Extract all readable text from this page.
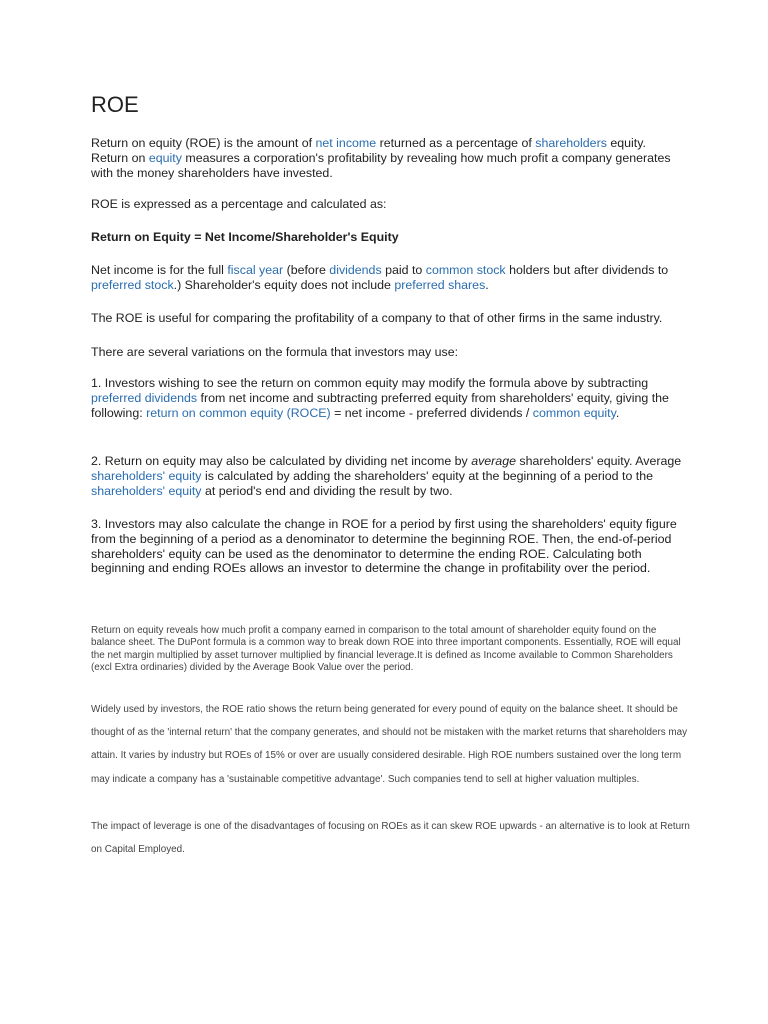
ROE

Return on equity (ROE) is the amount of net income returned as a percentage of shareholders equity.
Return on equity measures a corporation's profitability by revealing how much profit a company generates with the money shareholders have invested.

ROE is expressed as a percentage and calculated as:

Return on Equity = Net Income/Shareholder's Equity

Net income is for the full fiscal year (before dividends paid to common stock holders but after dividends to preferred stock.) Shareholder's equity does not include preferred shares.

The ROE is useful for comparing the profitability of a company to that of other firms in the same industry.

There are several variations on the formula that investors may use:

1. Investors wishing to see the return on common equity may modify the formula above by subtracting preferred dividends from net income and subtracting preferred equity from shareholders' equity, giving the following: return on common equity (ROCE) = net income - preferred dividends / common equity.

2. Return on equity may also be calculated by dividing net income by average shareholders' equity. Average shareholders' equity is calculated by adding the shareholders' equity at the beginning of a period to the shareholders' equity at period's end and dividing the result by two.

3. Investors may also calculate the change in ROE for a period by first using the shareholders' equity figure from the beginning of a period as a denominator to determine the beginning ROE. Then, the end-of-period shareholders' equity can be used as the denominator to determine the ending ROE. Calculating both beginning and ending ROEs allows an investor to determine the change in profitability over the period.

Return on equity reveals how much profit a company earned in comparison to the total amount of shareholder equity found on the balance sheet. The DuPont formula is a common way to break down ROE into three important components. Essentially, ROE will equal the net margin multiplied by asset turnover multiplied by financial leverage.It is defined as Income available to Common Shareholders (excl Extra ordinaries) divided by the Average Book Value over the period.

Widely used by investors, the ROE ratio shows the return being generated for every pound of equity on the balance sheet. It should be thought of as the 'internal return' that the company generates, and should not be mistaken with the market returns that shareholders may attain. It varies by industry but ROEs of 15% or over are usually considered desirable. High ROE numbers sustained over the long term may indicate a company has a 'sustainable competitive advantage'. Such companies tend to sell at higher valuation multiples.

The impact of leverage is one of the disadvantages of focusing on ROEs as it can skew ROE upwards - an alternative is to look at Return on Capital Employed.
